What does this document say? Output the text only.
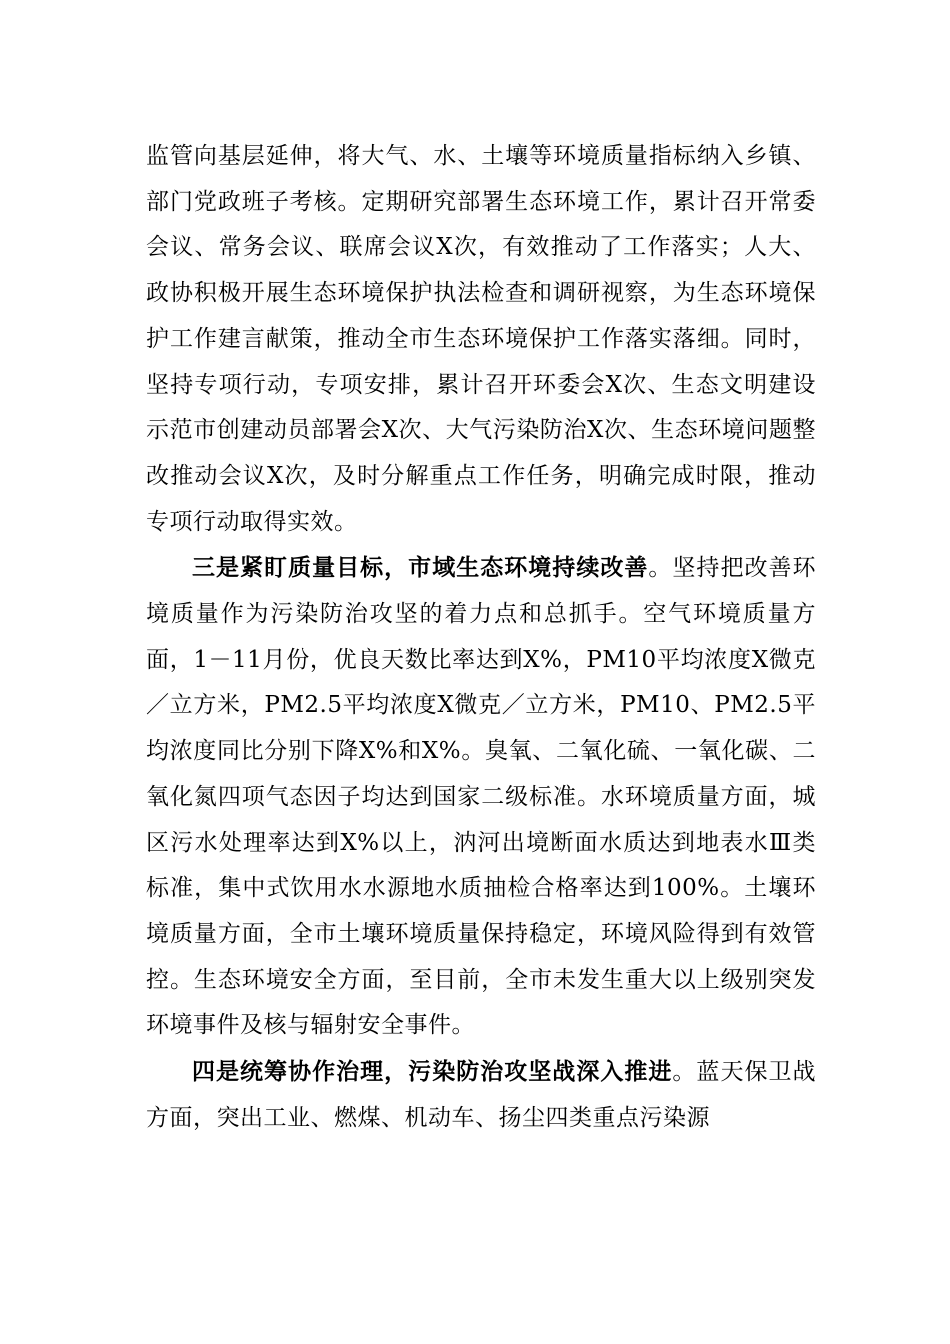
监管向基层延伸，将大气、水、土壤等环境质量指标纳入乡镇、部门党政班子考核。定期研究部署生态环境工作，累计召开常委会议、常务会议、联席会议X次，有效推动了工作落实；人大、政协积极开展生态环境保护执法检查和调研视察，为生态环境保护工作建言献策，推动全市生态环境保护工作落实落细。同时，坚持专项行动，专项安排，累计召开环委会X次、生态文明建设示范市创建动员部署会X次、大气污染防治X次、生态环境问题整改推动会议X次，及时分解重点工作任务，明确完成时限，推动专项行动取得实效。

三是紧盯质量目标，市域生态环境持续改善。坚持把改善环境质量作为污染防治攻坚的着力点和总抓手。空气环境质量方面，1－11月份，优良天数比率达到X%，PM10平均浓度X微克／立方米，PM2.5平均浓度X微克／立方米，PM10、PM2.5平均浓度同比分别下降X%和X%。臭氧、二氧化硫、一氧化碳、二氧化氮四项气态因子均达到国家二级标准。水环境质量方面，城区污水处理率达到X%以上，汭河出境断面水质达到地表水Ⅲ类标准，集中式饮用水水源地水质抽检合格率达到100%。土壤环境质量方面，全市土壤环境质量保持稳定，环境风险得到有效管控。生态环境安全方面，至目前，全市未发生重大以上级别突发环境事件及核与辐射安全事件。

四是统筹协作治理，污染防治攻坚战深入推进。蓝天保卫战方面，突出工业、燃煤、机动车、扬尘四类重点污染源
